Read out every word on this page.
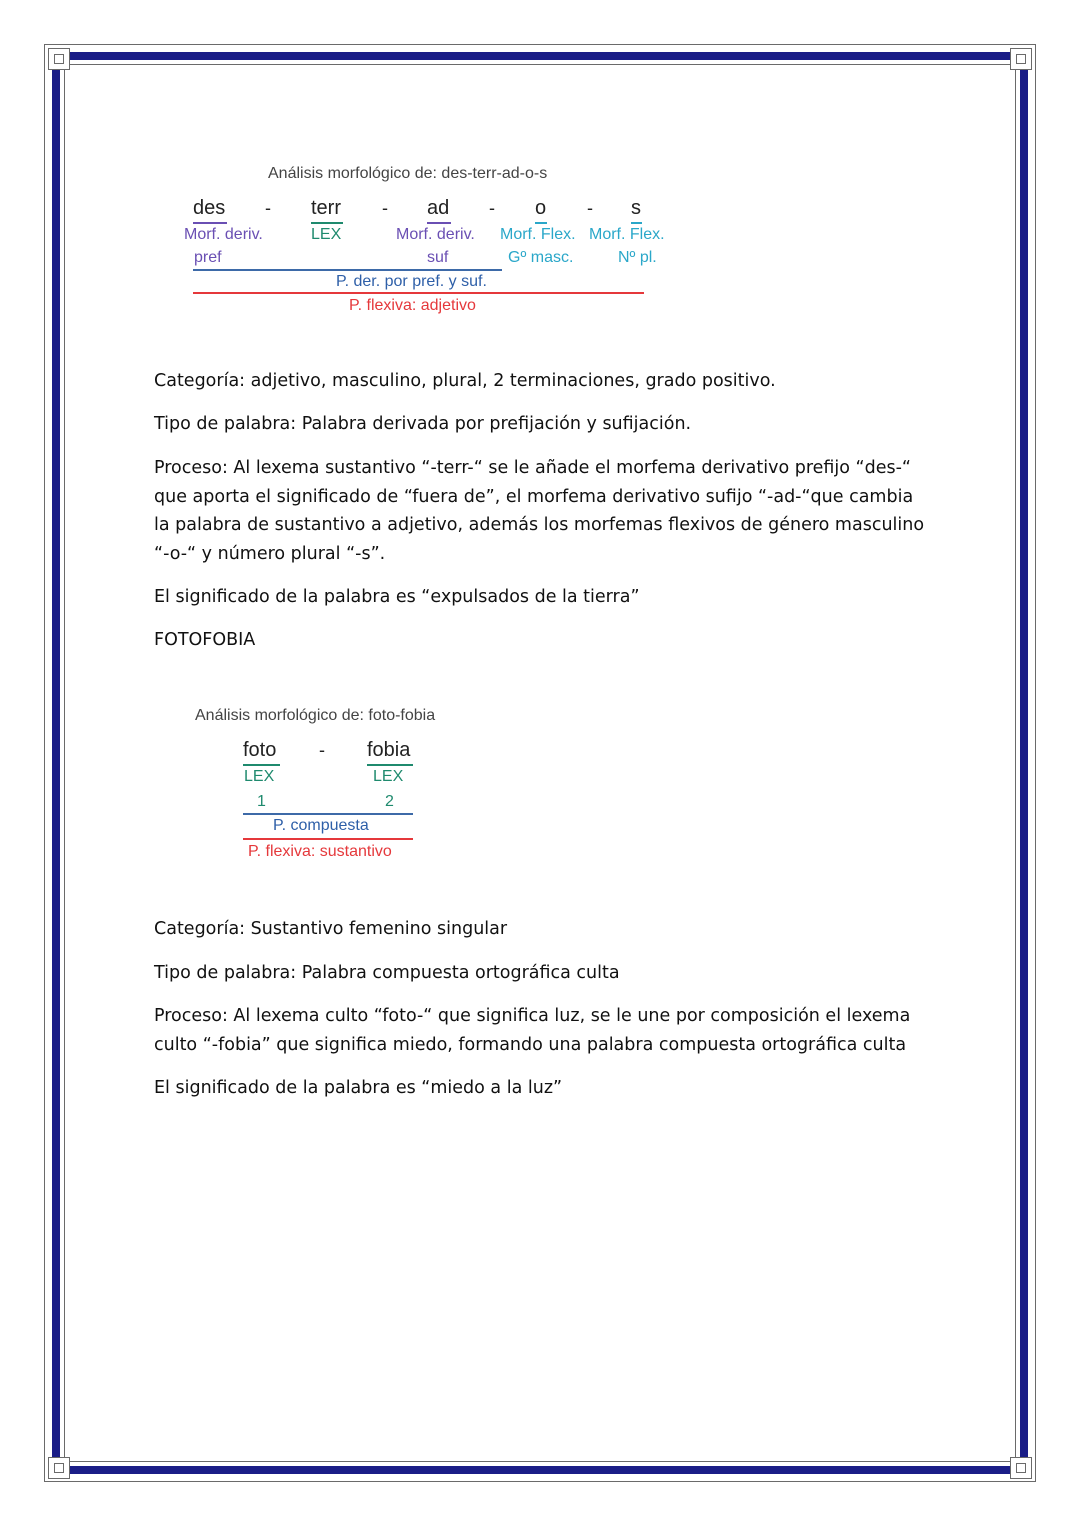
Análisis morfológico de: des-terr-ad-o-s
des - terr - ad - o - s
Morf. deriv.	LEX	Morf. deriv. Morf. Flex. Morf. Flex.
pref	suf	Gº masc.	Nº pl.
P. der. por pref. y suf.
P. flexiva: adjetivo

Categoría: adjetivo, masculino, plural, 2 terminaciones, grado positivo.

Tipo de palabra: Palabra derivada por prefijación y sufijación.

Proceso: Al lexema sustantivo “-terr-“ se le añade el morfema derivativo prefijo “des-“ que aporta el significado de “fuera de”, el morfema derivativo sufijo “-ad-“que cambia la palabra de sustantivo a adjetivo, además los morfemas flexivos de género masculino “-o-“ y número plural “-s”.

El significado de la palabra es “expulsados de la tierra”

FOTOFOBIA

Análisis morfológico de: foto-fobia
foto - fobia
LEX	LEX
1	2
P. compuesta
P. flexiva: sustantivo

Categoría: Sustantivo femenino singular

Tipo de palabra: Palabra compuesta ortográfica culta

Proceso: Al lexema culto “foto-“ que significa luz, se le une por composición el lexema culto “-fobia” que significa miedo, formando una palabra compuesta ortográfica culta

El significado de la palabra es “miedo a la luz”
